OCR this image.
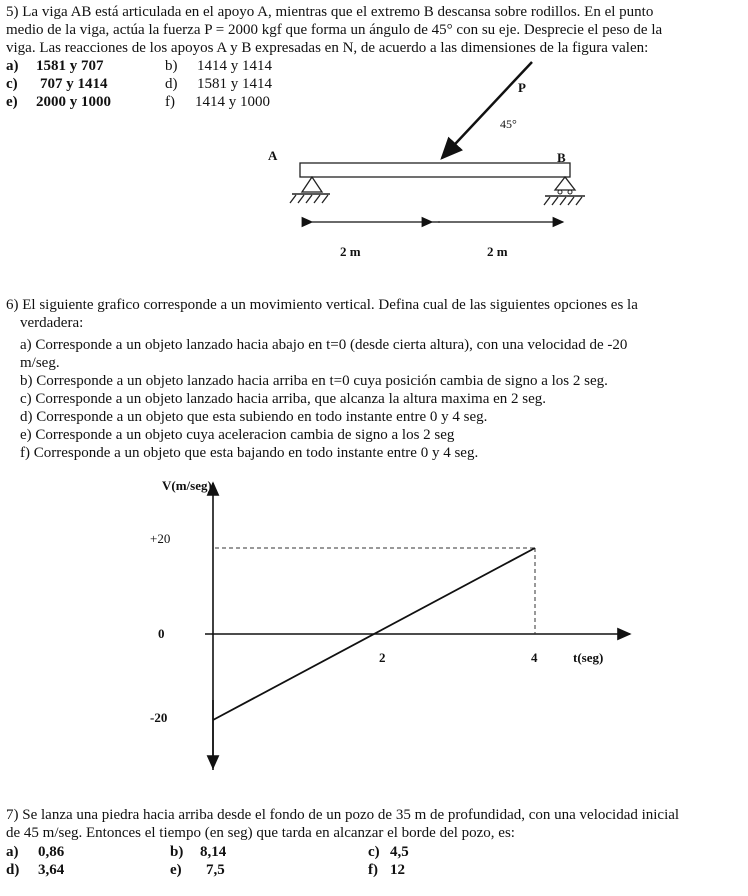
5) La viga AB está articulada en el apoyo A, mientras que el extremo B descansa sobre rodillos. En el punto
medio de la viga, actúa la fuerza P = 2000 kgf que forma un ángulo de 45° con su eje. Desprecie el peso de la
viga. Las reacciones de los apoyos A y B expresadas en N, de acuerdo a las dimensiones de la figura valen:
a) 1581 y 707	b) 1414 y 1414
c) 707 y 1414	d) 1581 y 1414
e) 2000 y 1000	f) 1414 y 1000
A	B
P
45°
2 m	2 m
V(m/seg)
+20
0
-20
2	4	t(seg)
6) El siguiente grafico corresponde a un movimiento vertical. Defina cual de las siguientes opciones es la
verdadera:
a) Corresponde a un objeto lanzado hacia abajo en t=0 (desde cierta altura), con una velocidad de -20
m/seg.
b) Corresponde a un objeto lanzado hacia arriba en t=0 cuya posición cambia de signo a los 2 seg.
c) Corresponde a un objeto lanzado hacia arriba, que alcanza la altura maxima en 2 seg.
d) Corresponde a un objeto que esta subiendo en todo instante entre 0 y 4 seg.
e) Corresponde a un objeto cuya aceleracion cambia de signo a los 2 seg
f) Corresponde a un objeto que esta bajando en todo instante entre 0 y 4 seg.
7) Se lanza una piedra hacia arriba desde el fondo de un pozo de 35 m de profundidad, con una velocidad inicial
de 45 m/seg. Entonces el tiempo (en seg) que tarda en alcanzar el borde del pozo, es:
a) 0,86	b) 8,14	c) 4,5
d) 3,64	e) 7,5	f) 12
